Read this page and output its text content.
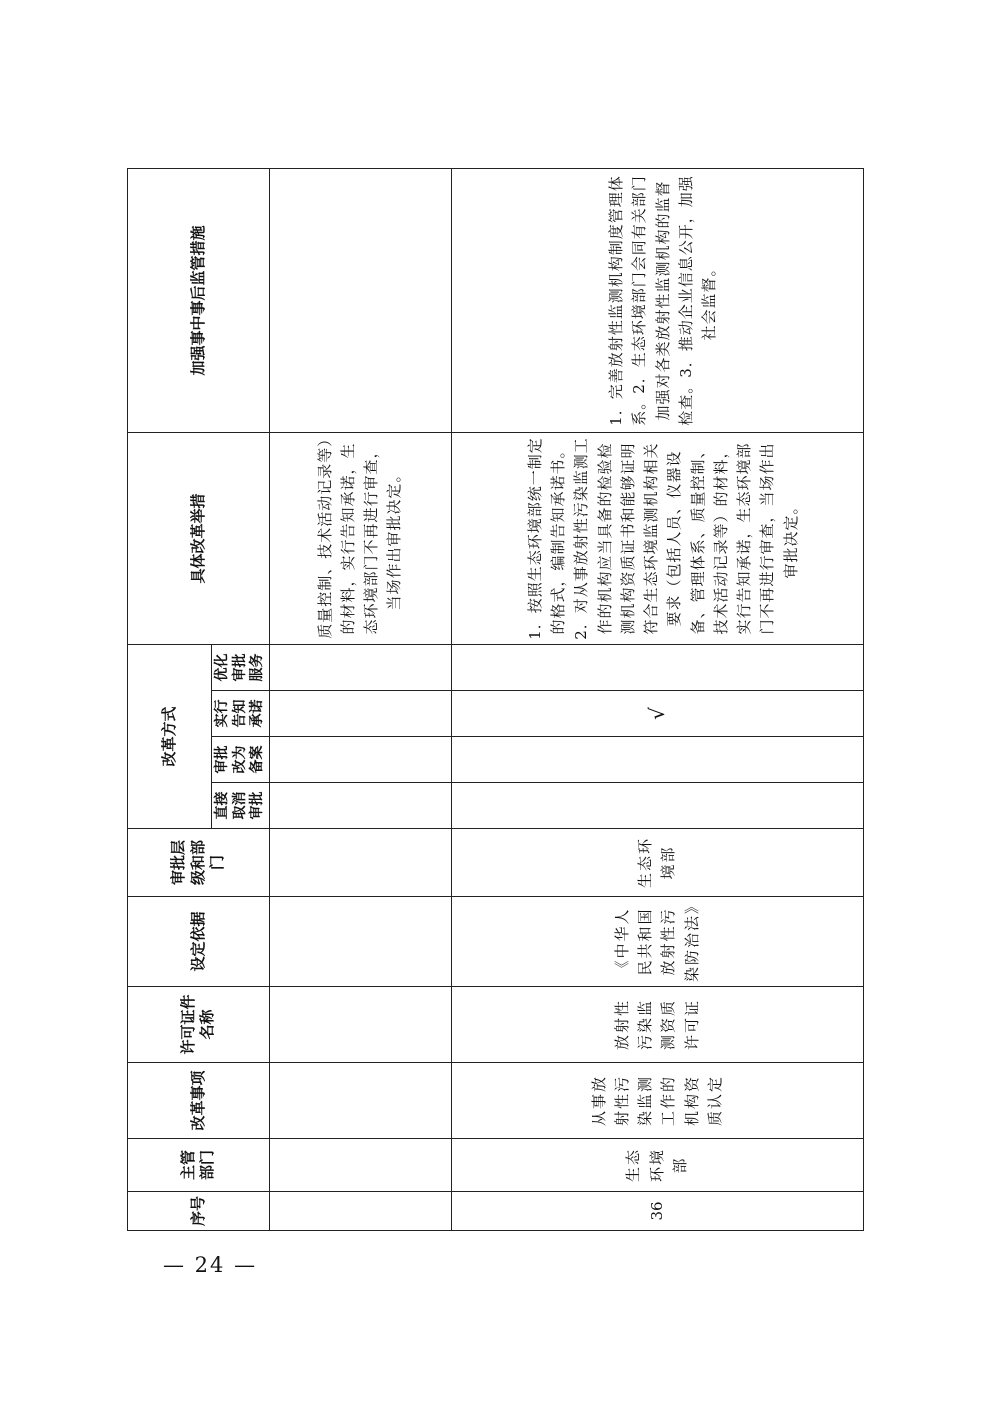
序号	主管部门	改革事项	许可证件名称	设定依据	审批层级和部门	改革方式				具体改革举措	加强事中事后监管措施
						直接取消审批	审批改为备案	实行告知承诺	优化审批服务		
										质量控制、技术活动记录等）的材料，实行告知承诺，生态环境部门不再进行审查，当场作出审批决定。	
36	生态环境部	从事放射性污染监测工作的机构资质认定	放射性污染监测资质许可证	《中华人民共和国放射性污染防治法》	生态环境部			√		1．按照生态环境部统一制定的格式，编制告知承诺书。2．对从事放射性污染监测工作的机构应当具备的检验检测机构资质证书和能够证明符合生态环境监测机构相关要求（包括人员、仪器设备、管理体系、质量控制、技术活动记录等）的材料，实行告知承诺，生态环境部门不再进行审查，当场作出审批决定。	1．完善放射性监测机构制度管理体系。2．生态环境部门会同有关部门加强对各类放射性监测机构的监督检查。3．推动企业信息公开，加强社会监督。
— 24 —
